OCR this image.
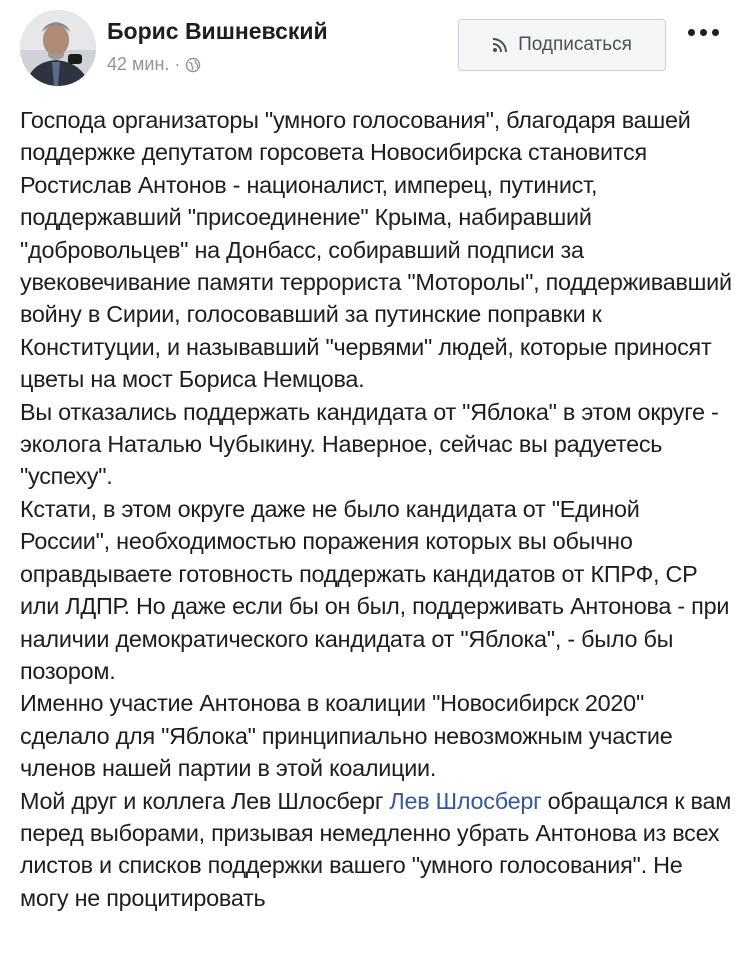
Борис Вишневский
42 мин. ·
Подписаться

Господа организаторы "умного голосования", благодаря вашей поддержке депутатом горсовета Новосибирска становится Ростислав Антонов - националист, имперец, путинист, поддержавший "присоединение" Крыма, набиравший "добровольцев" на Донбасс, собиравший подписи за увековечивание памяти террориста "Моторолы", поддерживавший войну в Сирии, голосовавший за путинские поправки к Конституции, и называвший "червями" людей, которые приносят цветы на мост Бориса Немцова.

Вы отказались поддержать кандидата от "Яблока" в этом округе - эколога Наталью Чубыкину. Наверное, сейчас вы радуетесь "успеху".

Кстати, в этом округе даже не было кандидата от "Единой России", необходимостью поражения которых вы обычно оправдываете готовность поддержать кандидатов от КПРФ, СР или ЛДПР. Но даже если бы он был, поддерживать Антонова - при наличии демократического кандидата от "Яблока", - было бы позором.

Именно участие Антонова в коалиции "Новосибирск 2020" сделало для "Яблока" принципиально невозможным участие членов нашей партии в этой коалиции.

Мой друг и коллега Лев Шлосберг Лев Шлосберг обращался к вам перед выборами, призывая немедленно убрать Антонова из всех листов и списков поддержки вашего "умного голосования". Не могу не процитировать
